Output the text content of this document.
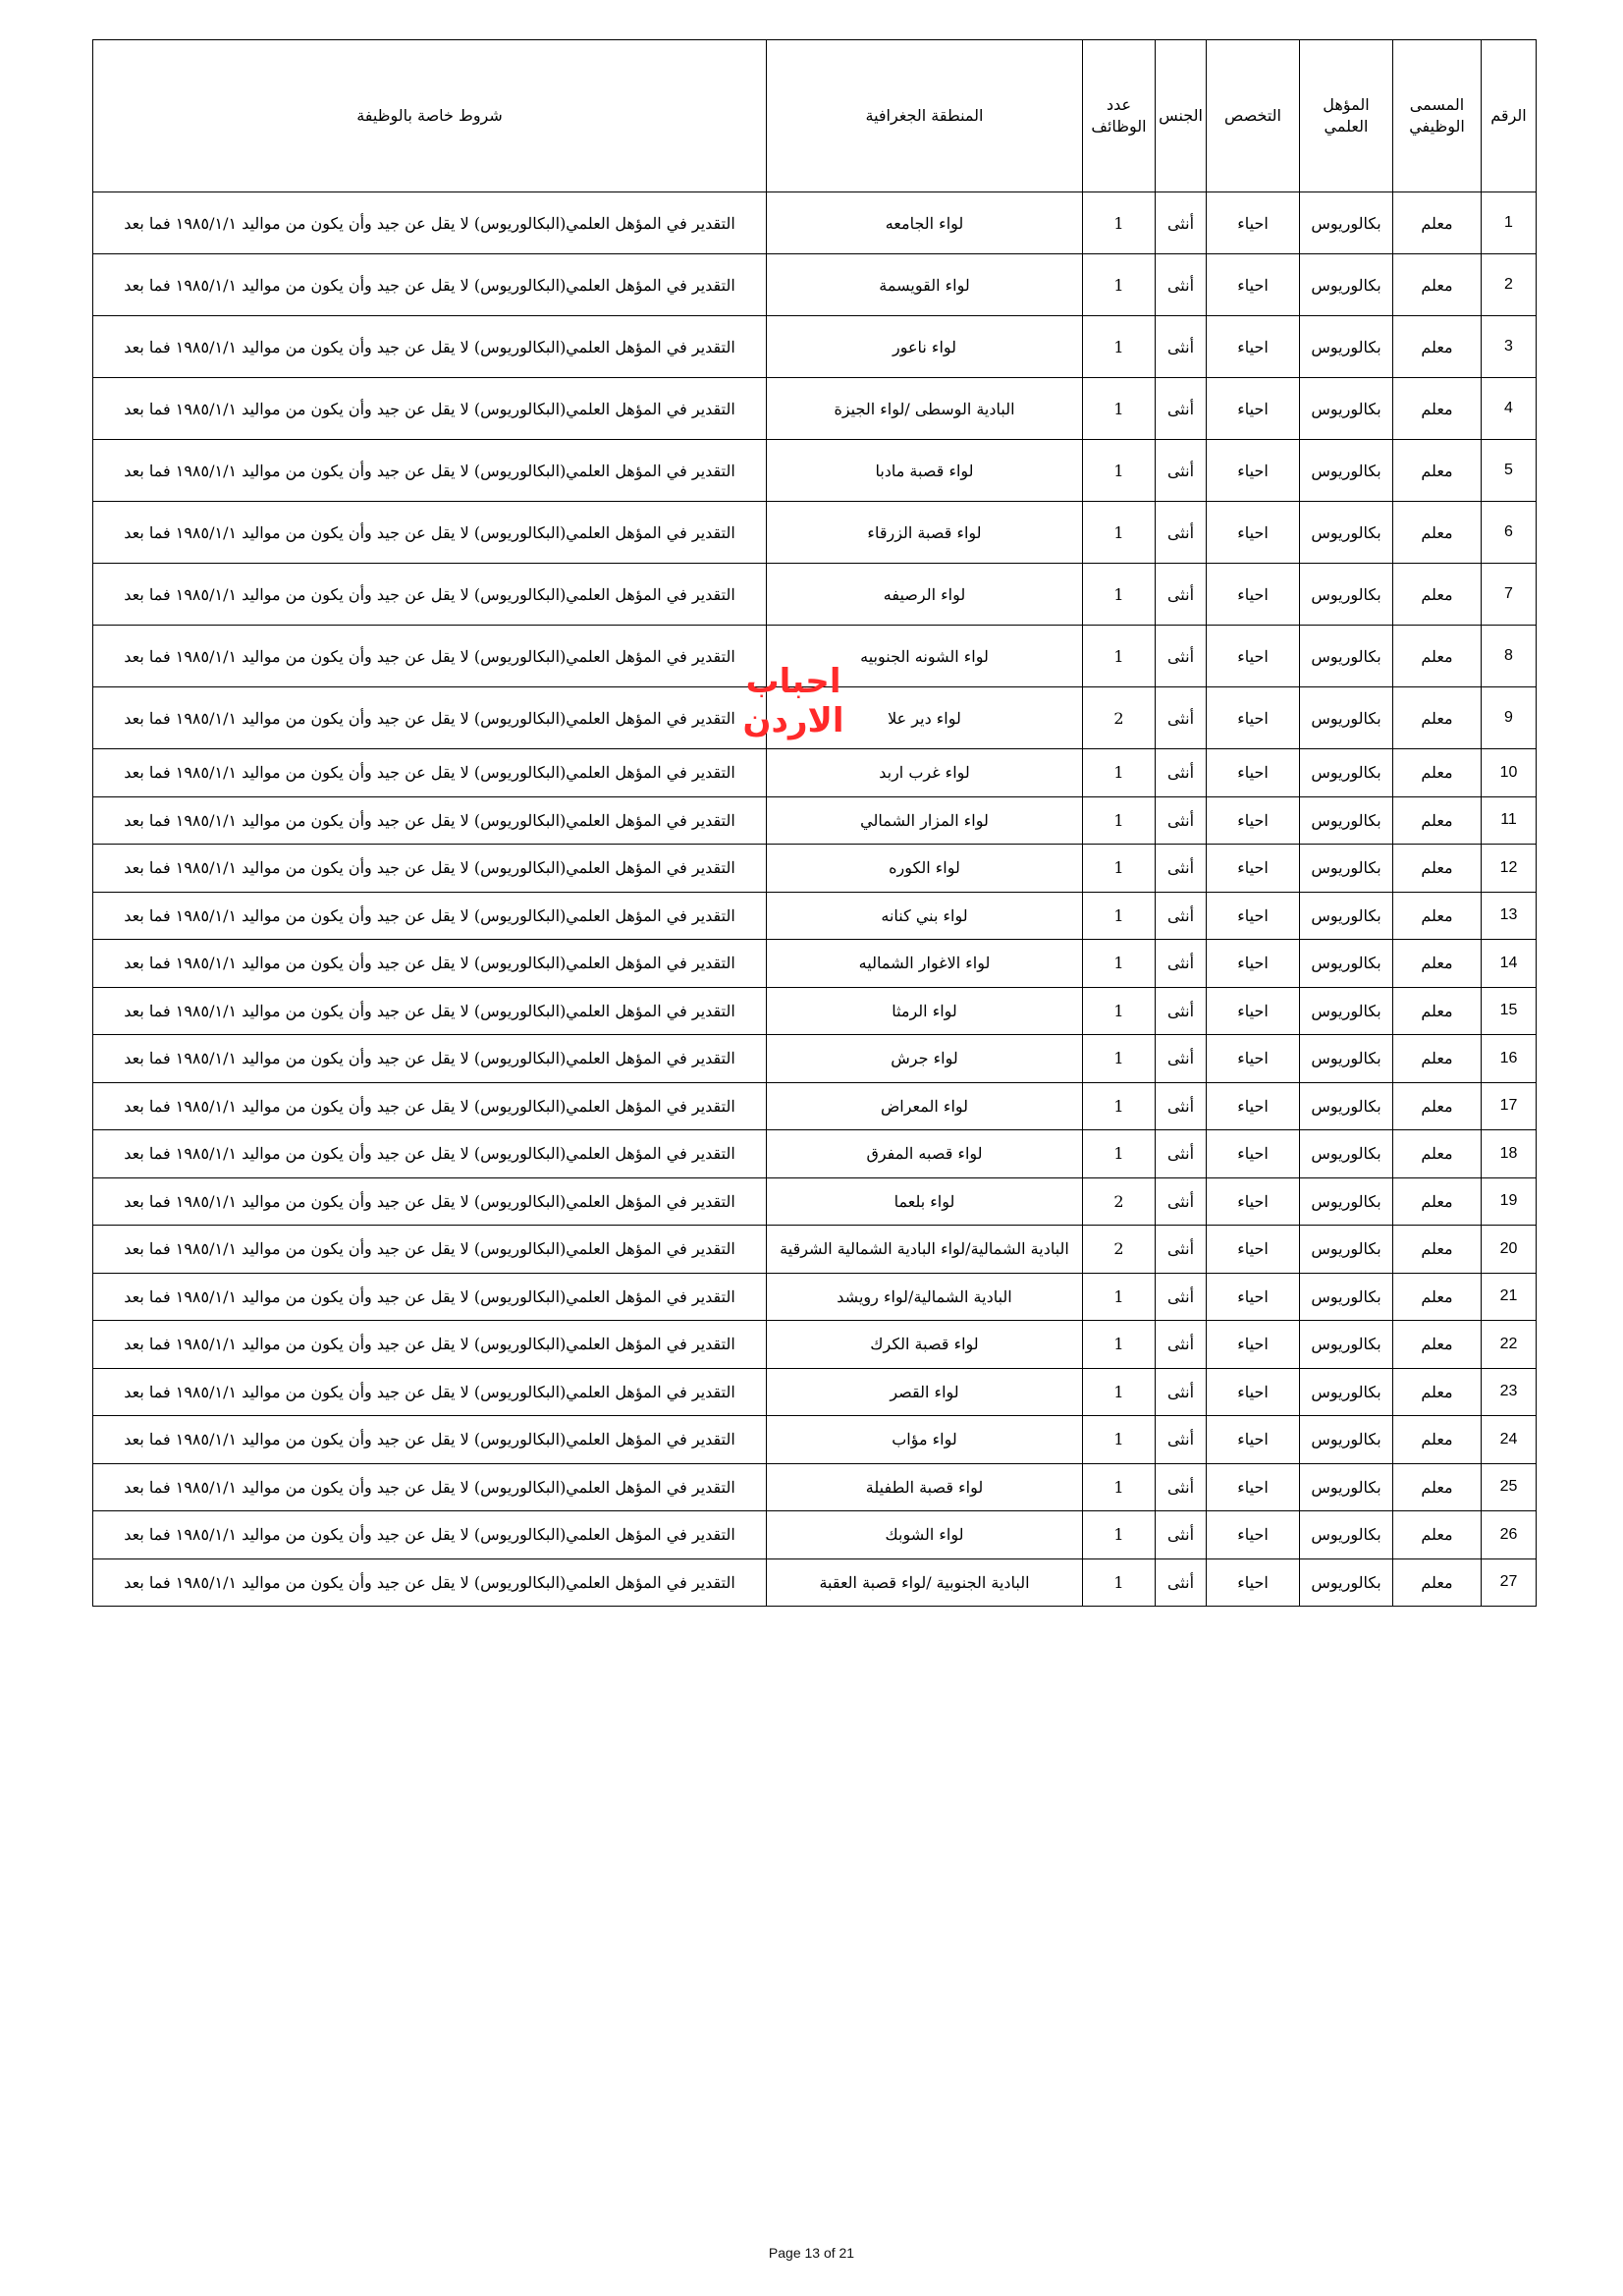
الرقم	المسمى الوظيفي	المؤهل العلمي	التخصص	الجنس	عدد الوظائف	المنطقة الجغرافية	شروط خاصة بالوظيفة
1	معلم	بكالوريوس	احياء	أنثى	1	لواء الجامعه	التقدير في المؤهل العلمي(البكالوريوس) لا يقل عن جيد وأن يكون من مواليد ١٩٨٥/١/١ فما بعد
2	معلم	بكالوريوس	احياء	أنثى	1	لواء القويسمة	التقدير في المؤهل العلمي(البكالوريوس) لا يقل عن جيد وأن يكون من مواليد ١٩٨٥/١/١ فما بعد
3	معلم	بكالوريوس	احياء	أنثى	1	لواء ناعور	التقدير في المؤهل العلمي(البكالوريوس) لا يقل عن جيد وأن يكون من مواليد ١٩٨٥/١/١ فما بعد
4	معلم	بكالوريوس	احياء	أنثى	1	البادية الوسطى /لواء الجيزة	التقدير في المؤهل العلمي(البكالوريوس) لا يقل عن جيد وأن يكون من مواليد ١٩٨٥/١/١ فما بعد
5	معلم	بكالوريوس	احياء	أنثى	1	لواء قصبة مادبا	التقدير في المؤهل العلمي(البكالوريوس) لا يقل عن جيد وأن يكون من مواليد ١٩٨٥/١/١ فما بعد
6	معلم	بكالوريوس	احياء	أنثى	1	لواء قصبة الزرقاء	التقدير في المؤهل العلمي(البكالوريوس) لا يقل عن جيد وأن يكون من مواليد ١٩٨٥/١/١ فما بعد
7	معلم	بكالوريوس	احياء	أنثى	1	لواء الرصيفه	التقدير في المؤهل العلمي(البكالوريوس) لا يقل عن جيد وأن يكون من مواليد ١٩٨٥/١/١ فما بعد
8	معلم	بكالوريوس	احياء	أنثى	1	لواء الشونه الجنوبيه	التقدير في المؤهل العلمي(البكالوريوس) لا يقل عن جيد وأن يكون من مواليد ١٩٨٥/١/١ فما بعد
9	معلم	بكالوريوس	احياء	أنثى	2	لواء دير علا	التقدير في المؤهل العلمي(البكالوريوس) لا يقل عن جيد وأن يكون من مواليد ١٩٨٥/١/١ فما بعد
10	معلم	بكالوريوس	احياء	أنثى	1	لواء غرب اربد	التقدير في المؤهل العلمي(البكالوريوس) لا يقل عن جيد وأن يكون من مواليد ١٩٨٥/١/١ فما بعد
11	معلم	بكالوريوس	احياء	أنثى	1	لواء المزار الشمالي	التقدير في المؤهل العلمي(البكالوريوس) لا يقل عن جيد وأن يكون من مواليد ١٩٨٥/١/١ فما بعد
12	معلم	بكالوريوس	احياء	أنثى	1	لواء الكوره	التقدير في المؤهل العلمي(البكالوريوس) لا يقل عن جيد وأن يكون من مواليد ١٩٨٥/١/١ فما بعد
13	معلم	بكالوريوس	احياء	أنثى	1	لواء بني كنانه	التقدير في المؤهل العلمي(البكالوريوس) لا يقل عن جيد وأن يكون من مواليد ١٩٨٥/١/١ فما بعد
14	معلم	بكالوريوس	احياء	أنثى	1	لواء الاغوار الشماليه	التقدير في المؤهل العلمي(البكالوريوس) لا يقل عن جيد وأن يكون من مواليد ١٩٨٥/١/١ فما بعد
15	معلم	بكالوريوس	احياء	أنثى	1	لواء الرمثا	التقدير في المؤهل العلمي(البكالوريوس) لا يقل عن جيد وأن يكون من مواليد ١٩٨٥/١/١ فما بعد
16	معلم	بكالوريوس	احياء	أنثى	1	لواء جرش	التقدير في المؤهل العلمي(البكالوريوس) لا يقل عن جيد وأن يكون من مواليد ١٩٨٥/١/١ فما بعد
17	معلم	بكالوريوس	احياء	أنثى	1	لواء المعراض	التقدير في المؤهل العلمي(البكالوريوس) لا يقل عن جيد وأن يكون من مواليد ١٩٨٥/١/١ فما بعد
18	معلم	بكالوريوس	احياء	أنثى	1	لواء قصبه المفرق	التقدير في المؤهل العلمي(البكالوريوس) لا يقل عن جيد وأن يكون من مواليد ١٩٨٥/١/١ فما بعد
19	معلم	بكالوريوس	احياء	أنثى	2	لواء بلعما	التقدير في المؤهل العلمي(البكالوريوس) لا يقل عن جيد وأن يكون من مواليد ١٩٨٥/١/١ فما بعد
20	معلم	بكالوريوس	احياء	أنثى	2	البادية الشمالية/لواء البادية الشمالية الشرقية	التقدير في المؤهل العلمي(البكالوريوس) لا يقل عن جيد وأن يكون من مواليد ١٩٨٥/١/١ فما بعد
21	معلم	بكالوريوس	احياء	أنثى	1	البادية الشمالية/لواء رويشد	التقدير في المؤهل العلمي(البكالوريوس) لا يقل عن جيد وأن يكون من مواليد ١٩٨٥/١/١ فما بعد
22	معلم	بكالوريوس	احياء	أنثى	1	لواء قصبة الكرك	التقدير في المؤهل العلمي(البكالوريوس) لا يقل عن جيد وأن يكون من مواليد ١٩٨٥/١/١ فما بعد
23	معلم	بكالوريوس	احياء	أنثى	1	لواء القصر	التقدير في المؤهل العلمي(البكالوريوس) لا يقل عن جيد وأن يكون من مواليد ١٩٨٥/١/١ فما بعد
24	معلم	بكالوريوس	احياء	أنثى	1	لواء مؤاب	التقدير في المؤهل العلمي(البكالوريوس) لا يقل عن جيد وأن يكون من مواليد ١٩٨٥/١/١ فما بعد
25	معلم	بكالوريوس	احياء	أنثى	1	لواء قصبة الطفيلة	التقدير في المؤهل العلمي(البكالوريوس) لا يقل عن جيد وأن يكون من مواليد ١٩٨٥/١/١ فما بعد
26	معلم	بكالوريوس	احياء	أنثى	1	لواء الشوبك	التقدير في المؤهل العلمي(البكالوريوس) لا يقل عن جيد وأن يكون من مواليد ١٩٨٥/١/١ فما بعد
27	معلم	بكالوريوس	احياء	أنثى	1	البادية الجنوبية /لواء قصبة العقبة	التقدير في المؤهل العلمي(البكالوريوس) لا يقل عن جيد وأن يكون من مواليد ١٩٨٥/١/١ فما بعد
احباب الاردن
Page 13 of 21
